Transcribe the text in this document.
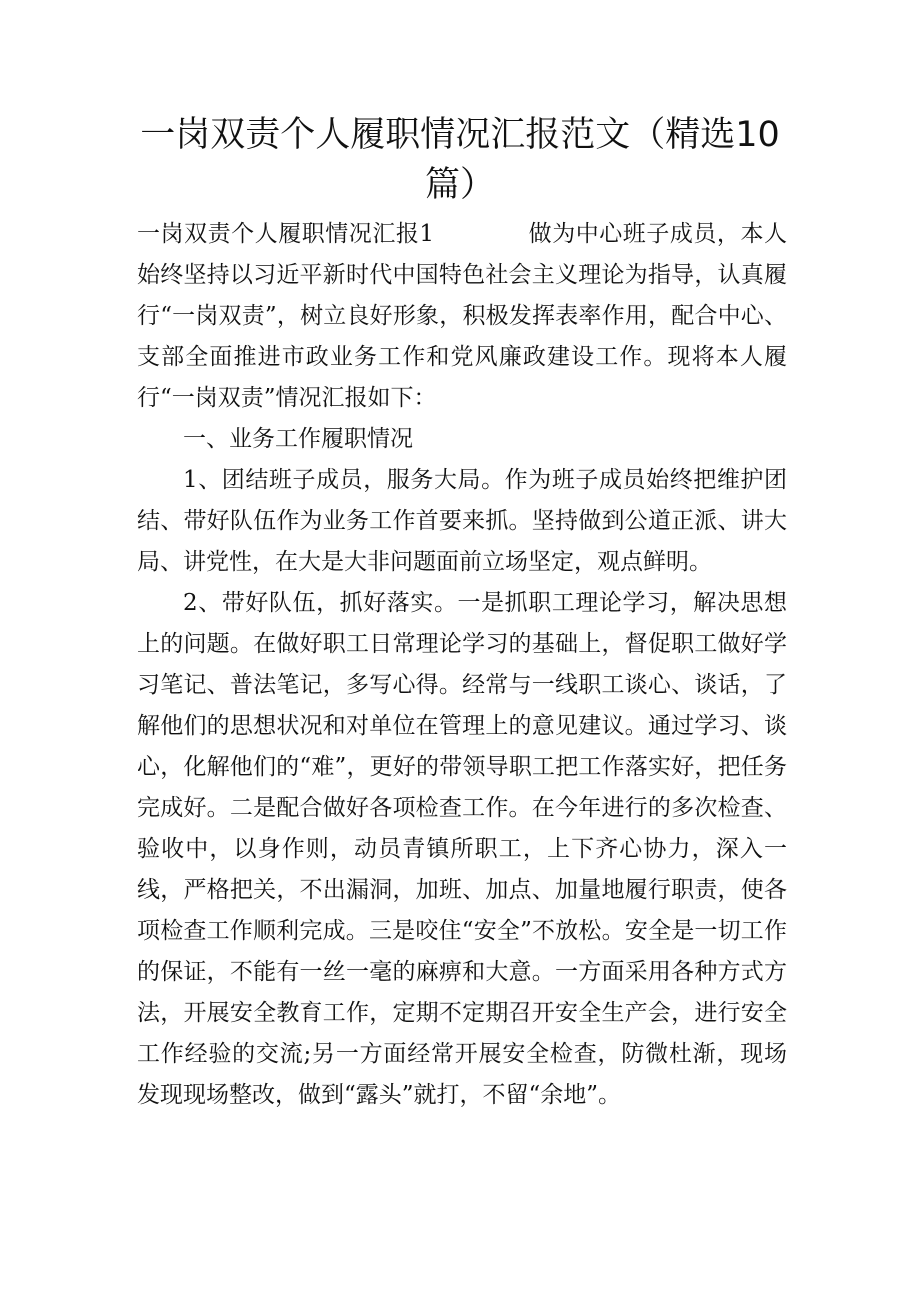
一岗双责个人履职情况汇报范文（精选10篇）

一岗双责个人履职情况汇报1　　　　做为中心班子成员，本人始终坚持以习近平新时代中国特色社会主义理论为指导，认真履行“一岗双责”，树立良好形象，积极发挥表率作用，配合中心、支部全面推进市政业务工作和党风廉政建设工作。现将本人履行“一岗双责”情况汇报如下：

一、业务工作履职情况

1、团结班子成员，服务大局。作为班子成员始终把维护团结、带好队伍作为业务工作首要来抓。坚持做到公道正派、讲大局、讲党性，在大是大非问题面前立场坚定，观点鲜明。

2、带好队伍，抓好落实。一是抓职工理论学习，解决思想上的问题。在做好职工日常理论学习的基础上，督促职工做好学习笔记、普法笔记，多写心得。经常与一线职工谈心、谈话，了解他们的思想状况和对单位在管理上的意见建议。通过学习、谈心，化解他们的“难”，更好的带领导职工把工作落实好，把任务完成好。二是配合做好各项检查工作。在今年进行的多次检查、验收中，以身作则，动员青镇所职工，上下齐心协力，深入一线，严格把关，不出漏洞，加班、加点、加量地履行职责，使各项检查工作顺利完成。三是咬住“安全”不放松。安全是一切工作的保证，不能有一丝一毫的麻痹和大意。一方面采用各种方式方法，开展安全教育工作，定期不定期召开安全生产会，进行安全工作经验的交流;另一方面经常开展安全检查，防微杜渐，现场发现现场整改，做到“露头”就打，不留“余地”。
